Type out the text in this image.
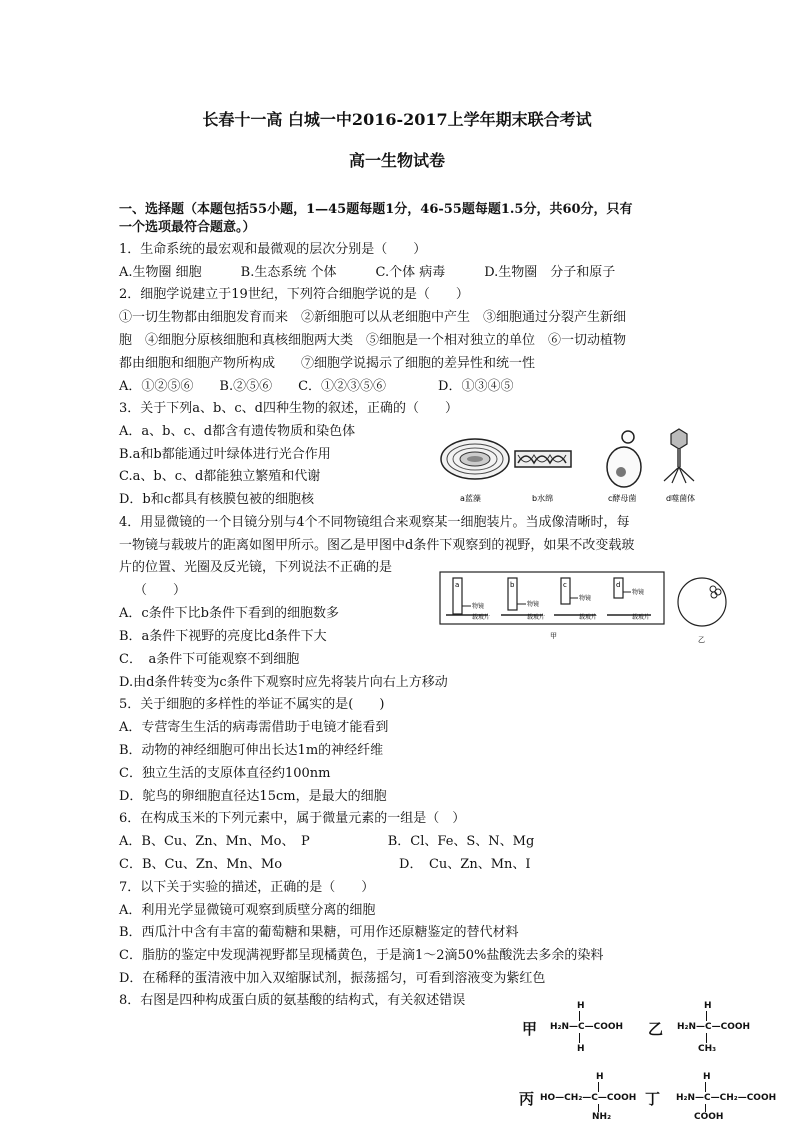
长春十一高 白城一中2016-2017上学年期末联合考试
高一生物试卷
一、选择题（本题包括55小题，1—45题每题1分，46-55题每题1.5分，共60分，只有
一个选项最符合题意。）
1．生命系统的最宏观和最微观的层次分别是（　　）
A.生物圈 细胞　　　B.生态系统 个体　　　C.个体 病毒　　　D.生物圈　分子和原子
2．细胞学说建立于19世纪，下列符合细胞学说的是（　　）
①一切生物都由细胞发育而来　②新细胞可以从老细胞中产生　③细胞通过分裂产生新细
胞　④细胞分原核细胞和真核细胞两大类　⑤细胞是一个相对独立的单位　⑥一切动植物
都由细胞和细胞产物所构成　　⑦细胞学说揭示了细胞的差异性和统一性
A．①②⑤⑥　　B.②⑤⑥　　C．①②③⑤⑥　　　　D．①③④⑤
3．关于下列a、b、c、d四种生物的叙述，正确的（　　）
A．a、b、c、d都含有遗传物质和染色体
B.a和b都能通过叶绿体进行光合作用
C.a、b、c、d都能独立繁殖和代谢
D．b和c都具有核膜包被的细胞核	a蓝藻	b水绵	c酵母菌	d噬菌体
4．用显微镜的一个目镜分别与4个不同物镜组合来观察某一细胞装片。当成像清晰时，每
一物镜与载玻片的距离如图甲所示。图乙是甲图中d条件下观察到的视野，如果不改变载玻
片的位置、光圈及反光镜，下列说法不正确的是
（　　）
A．c条件下比b条件下看到的细胞数多
B．a条件下视野的亮度比d条件下大
C．　a条件下可能观察不到细胞
D.由d条件转变为c条件下观察时应先将装片向右上方移动
a
物镜
载玻片
b
物镜
载玻片
c
物镜
载玻片
d
物镜
载玻片
甲	乙
5．关于细胞的多样性的举证不属实的是(　　)
A．专营寄生生活的病毒需借助于电镜才能看到
B．动物的神经细胞可伸出长达1m的神经纤维
C．独立生活的支原体直径约100nm
D．鸵鸟的卵细胞直径达15cm，是最大的细胞
6．在构成玉米的下列元素中，属于微量元素的一组是（　）
A．B、Cu、Zn、Mn、Mo、　P　　　　　　B．Cl、Fe、S、N、Mg
C．B、Cu、Zn、Mn、Mo　　　　　　　　　D．　Cu、Zn、Mn、I
7．以下关于实验的描述，正确的是（　　）
A．利用光学显微镜可观察到质壁分离的细胞
B．西瓜汁中含有丰富的葡萄糖和果糖，可用作还原糖鉴定的替代材料
C．脂肪的鉴定中发现满视野都呈现橘黄色，于是滴1～2滴50%盐酸洗去多余的染料
D．在稀释的蛋清液中加入双缩脲试剂，振荡摇匀，可看到溶液变为紫红色
8．右图是四种构成蛋白质的氨基酸的结构式，有关叙述错误
甲
H
H₂N—C—COOH
H
乙
H
H₂N—C—COOH
CH₃
丙
H
HO—CH₂—C—COOH
NH₂
丁
H
H₂N—C—CH₂—COOH
COOH
